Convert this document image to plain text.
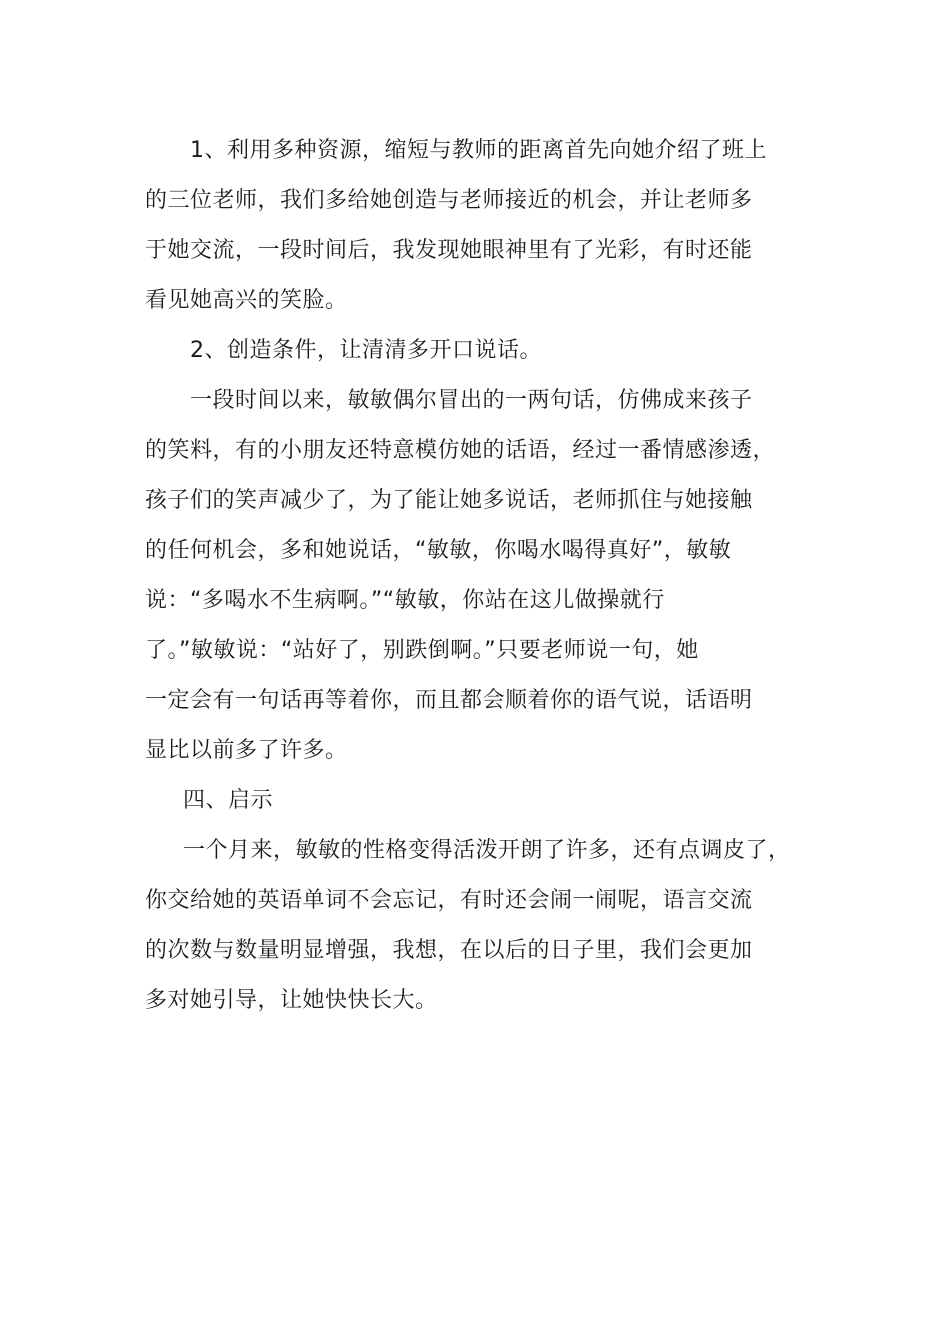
1、利用多种资源，缩短与教师的距离首先向她介绍了班上
的三位老师，我们多给她创造与老师接近的机会，并让老师多
于她交流，一段时间后，我发现她眼神里有了光彩，有时还能
看见她高兴的笑脸。
2、创造条件，让清清多开口说话。
一段时间以来，敏敏偶尔冒出的一两句话，仿佛成来孩子
的笑料，有的小朋友还特意模仿她的话语，经过一番情感渗透，
孩子们的笑声减少了，为了能让她多说话，老师抓住与她接触
的任何机会，多和她说话，“敏敏，你喝水喝得真好”，敏敏
说：“多喝水不生病啊。”“敏敏，你站在这儿做操就行
了。”敏敏说：“站好了，别跌倒啊。”只要老师说一句，她
一定会有一句话再等着你，而且都会顺着你的语气说，话语明
显比以前多了许多。
四、启示
一个月来，敏敏的性格变得活泼开朗了许多，还有点调皮了，
你交给她的英语单词不会忘记，有时还会闹一闹呢，语言交流
的次数与数量明显增强，我想，在以后的日子里，我们会更加
多对她引导，让她快快长大。
